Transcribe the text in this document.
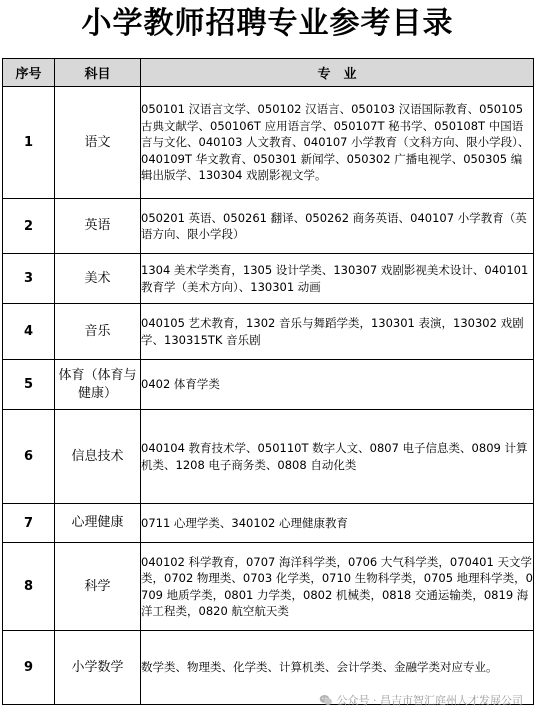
小学教师招聘专业参考目录
序号	科目	专　业
1	语文	050101 汉语言文学、050102 汉语言、050103 汉语国际教育、050105 古典文献学、050106T 应用语言学、050107T 秘书学、050108T 中国语言与文化、040103 人文教育、040107 小学教育（文科方向、限小学段）、040109T 华文教育、050301 新闻学、050302 广播电视学、050305 编辑出版学、130304 戏剧影视文学。
2	英语	050201 英语、050261 翻译、050262 商务英语、040107 小学教育（英语方向、限小学段）
3	美术	1304 美术学类育，1305 设计学类、130307 戏剧影视美术设计、040101 教育学（美术方向）、130301 动画
4	音乐	040105 艺术教育，1302 音乐与舞蹈学类，130301 表演，130302 戏剧学、130315TK 音乐剧
5	体育（体育与健康）	0402 体育学类
6	信息技术	040104 教育技术学、050110T 数字人文、0807 电子信息类、0809 计算机类、1208 电子商务类、0808 自动化类
7	心理健康	0711 心理学类、340102 心理健康教育
8	科学	040102 科学教育，0707 海洋科学类，0706 大气科学类，070401 天文学类，0702 物理类、0703 化学类，0710 生物科学类，0705 地理科学类，0709 地质学类，0801 力学类，0802 机械类，0818 交通运输类，0819 海洋工程类，0820 航空航天类
9	小学数学	数学类、物理类、化学类、计算机类、会计学类、金融学类对应专业。
公众号 · 昌吉市智汇庭州人才发展公司
